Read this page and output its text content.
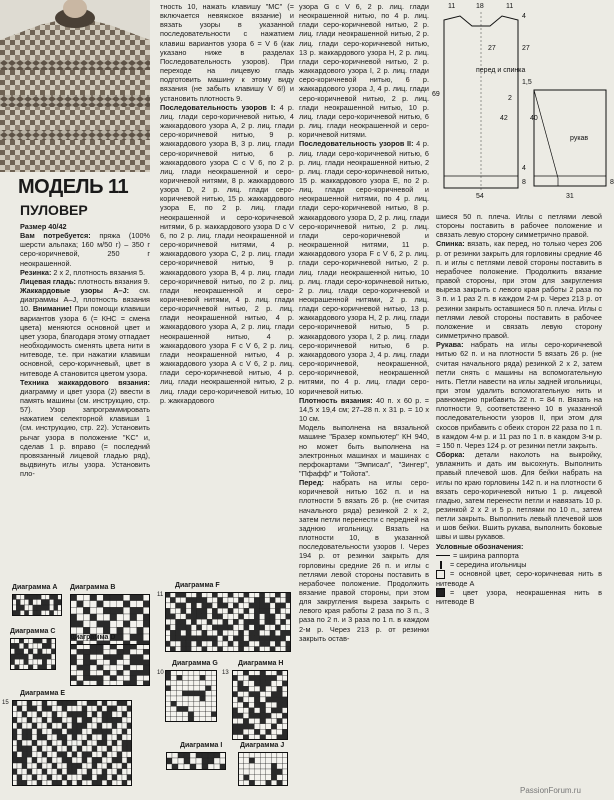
МОДЕЛЬ 11
ПУЛОВЕР

Размер 40/42

Вам потребуется: пряжа (100% шерсти альпака; 160 м/50 г) – 350 г серо-коричневой, 250 г неокрашенной.

Резинка: 2 х 2, плотность вязания 5.

Лицевая гладь: плотность вязания 9.

Жаккардовые узоры А–J: см. диаграммы А–J, плотность вязания 10. Внимание! При помощи клавиши вариантов узора 6 (= КНС = смена цвета) меняются основной цвет и цвет узора, благодаря этому отпадает необходимость сменять цвета нити в нитеводе, т.е. при нажатии клавиши основной, серо-коричневый, цвет в нитеводе А становится цветом узора.

Техника жаккардового вязания: диаграмму и цвет узора (2) ввести в память машины (см. инструкцию, стр. 57). Узор запрограммировать нажатием селекторной клавиши 1 (см. инструкцию, стр. 22). Установить рычаг узора в положение "KC" и, сделав 1 р. вправо (= последний провязанный лицевой гладью ряд), выдвинуть иглы узора. Установить пло-

тность 10, нажать клавишу "MC" (= включается невяжское вязание) и вязать узоры в указанной последовательности с нажатием клавиш вариантов узора 6 = V 6 (как указано ниже в разделах Последовательность узоров). При переходе на лицевую гладь подготовить машину к этому виду вязания (не забыть клавишу V 6!) и установить плотность 9.

Последовательность узоров I: 4 р. лиц. глади серо-коричневой нитью, 4 жаккардового узора А, 2 р. лиц. глади серо-коричневой нитью, 9 р. жаккардового узора B, 3 р. лиц. глади серо-коричневой нитью, 6 р. жаккардового узора C с V 6, по 2 р. лиц. глади неокрашенной и серо-коричневой нитями, 8 р. жаккардового узора D, 2 р. лиц. глади серо-коричневой нитью, 15 р. жаккардового узора E, по 2 р. лиц. глади неокрашенной и серо-коричневой нитями, 6 р. жаккардового узора D с V 6, по 2 р. лиц. глади неокрашенной и серо-коричневой нитями, 4 р. жаккардового узора C, 2 р. лиц. глади серо-коричневой нитью, 9 р. жаккардового узора B, 4 р. лиц. глади серо-коричневой нитью, по 2 р. лиц. глади неокрашенной и серо-коричневой нитями, 4 р. лиц. глади серо-коричневой нитью, 2 р. лиц. глади неокрашенной нитью, 4 р. жаккардового узора А, 2 р. лиц. глади неокрашенной нитью, 4 р. жаккардового узора F с V 6, 2 р. лиц. глади неокрашенной нитью, 4 р. жаккардового узора А с V 6, 2 р. лиц. глади серо-коричневой нитью, 4 р. лиц. глади неокрашенной нитью, 2 р. лиц. глади серо-коричневой нитью, 10 р. жаккардового

узора G с V 6, 2 р. лиц. глади неокрашенной нитью, по 4 р. лиц. глади серо-коричневой нитью, 2 р. лиц. глади неокрашенной нитью, 2 р. лиц. глади серо-коричневой нитью, 13 р. жаккардового узора H, 2 р. лиц. глади серо-коричневой нитью, 2 р. жаккардового узора I, 2 р. лиц. глади серо-коричневой нитью, 6 р. жаккардового узора J, 4 р. лиц. глади серо-коричневой нитью, 2 р. лиц. глади неокрашенной нитью, 10 р. лиц. глади серо-коричневой нитью, 6 р. лиц. глади неокрашенной и серо-коричневой нитями.

Последовательность узоров II: 4 р. лиц. глади серо-коричневой нитью, 6 р. лиц. глади неокрашенной нитью, 2 р. лиц. глади серо-коричневой нитью, 15 р. жаккардового узора E, по 2 р. лиц. глади серо-коричневой и неокрашенной нитями, по 4 р. лиц. глади серо-коричневой нитью, 8 р. жаккардового узора D, 2 р. лиц. глади серо-коричневой нитью, 2 р. лиц. глади серо-коричневой и неокрашенной нитями, 11 р. жаккардового узора F с V 6, 2 р. лиц. глади серо-коричневой нитью, 2 р. лиц. глади неокрашенной нитью, 10 р. лиц. глади серо-коричневой нитью, 2 р. лиц. глади серо-коричневой и неокрашенной нитями, 2 р. лиц. глади серо-коричневой нитью, 13 р. жаккардового узора H, 2 р. лиц. глади серо-коричневой нитью, 5 р. жаккардового узора I, 2 р. лиц. глади серо-коричневой нитью, 6 р. жаккардового узора J, 4 р. лиц. глади серо-коричневой, неокрашенной, серо-коричневой, неокрашенной нитями, по 4 р. лиц. глади серо-коричневой нитью.

Плотность вязания: 40 п. х 60 р. = 14,5 х 19,4 см; 27–28 п. х 31 р. = 10 х 10 см.

Модель выполнена на вязальной машине "Бразер компьютер" КН 940, но может быть выполнена на электронных машинах и машинах с перфокартами "Эмписал", "Зингер", "Пфафф" и "Тойота".

Перед: набрать на иглы серо-коричневой нитью 162 п. и на плотности 5 вязать 26 р. (не считая начального ряда) резинкой 2 х 2, затем петли перенести с передней на заднюю игольницу. Вязать на плотности 10, в указанной последовательности узоров I. Через 194 р. от резинки закрыть для горловины средние 26 п. и иглы с петлями левой стороны поставить в нерабочее положение. Продолжить вязание правой стороны, при этом для закругления выреза закрыть с левого края работы 2 раза по 3 п., 3 раза по 2 п. и 3 раза по 1 п. в каждом 2-м р. Через 213 р. от резинки закрыть остав-

шиеся 50 п. плеча. Иглы с петлями левой стороны поставить в рабочее положение и связать левую сторону симметрично правой.

Спинка: вязать, как перед, но только через 206 р. от резинки закрыть для горловины средние 46 п. и иглы с петлями левой стороны поставить в нерабочее положение. Продолжить вязание правой стороны, при этом для закругления выреза закрыть с левого края работы 2 раза по 3 п. и 1 раз 2 п. в каждом 2-м р. Через 213 р. от резинки закрыть оставшиеся 50 п. плеча. Иглы с петлями левой стороны поставить в рабочее положение и связать левую сторону симметрично правой.

Рукава: набрать на иглы серо-коричневой нитью 62 п. и на плотности 5 вязать 26 р. (не считая начального ряда) резинкой 2 х 2, затем петли снять с машины на вспомогательную нить. Петли навести на иглы задней игольницы, при этом удалить вспомогательную нить и равномерно прибавить 22 п. = 84 п. Вязать на плотности 9, соответственно 10 в указанной последовательности узоров II, при этом для скосов прибавить с обеих сторон 22 раза по 1 п. в каждом 4-м р. и 11 раз по 1 п. в каждом 3-м р. = 150 п. Через 124 р. от резинки петли закрыть.

Сборка: детали наколоть на выкройку, увлажнить и дать им высохнуть. Выполнить правый плечевой шов. Для бейки набрать на иглы по краю горловины 142 п. и на плотности 6 вязать серо-коричневой нитью 1 р. лицевой гладью, затем перенести петли и навязать 10 р. резинкой 2 х 2 и 5 р. петлями по 10 п., затем петли закрыть. Выполнить левый плечевой шов и шов бейки. Вшить рукава, выполнить боковые швы и швы рукавов.

Условные обозначения:

= ширина раппорта

= середина игольницы

= основной цвет, серо-коричневая нить в нитеводе А

= цвет узора, неокрашенная нить в нитеводе B

перед и спинка
рукав
11	18	11
27	27
69
4
1,5
2
42	40
8
4
31
54
8
Диаграмма A Диаграмма B
Диаграмма C
Диаграмма D
Диаграмма E
15
Диаграмма F
11
Диаграмма G
10
Диаграмма H
13
Диаграмма I	Диаграмма J
PassionForum.ru
